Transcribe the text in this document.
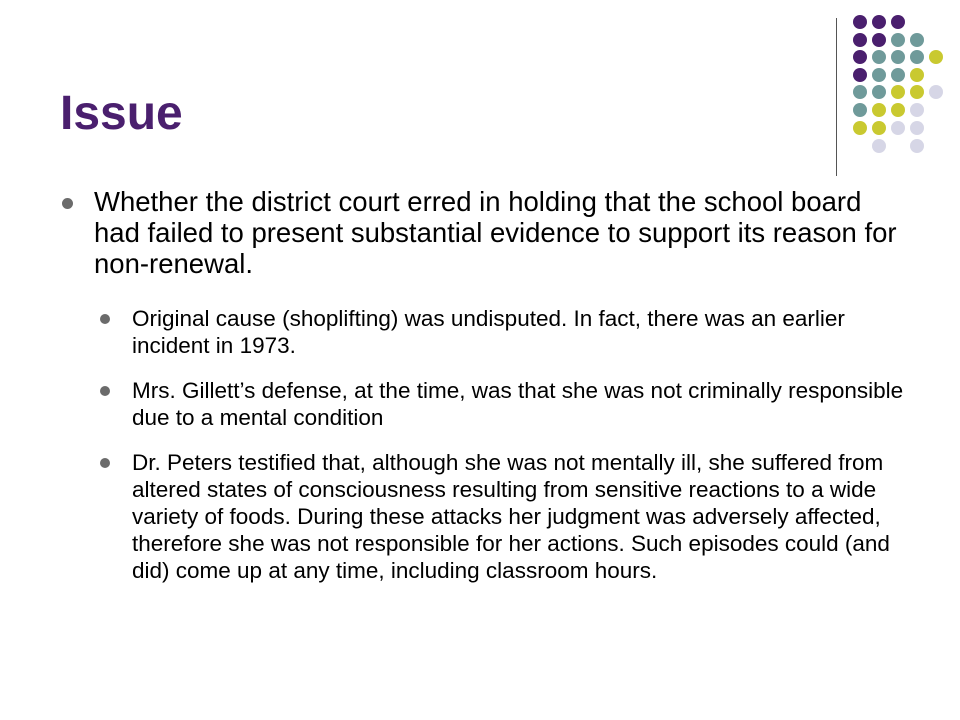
Issue
Whether the district court erred in holding that the school board had failed to present substantial evidence to support its reason for non-renewal.
Original cause (shoplifting) was undisputed. In fact, there was an earlier incident in 1973.
Mrs. Gillett’s defense, at the time, was that she was not criminally responsible due to a mental condition
Dr. Peters testified that, although she was not mentally ill, she suffered from altered states of consciousness resulting from sensitive reactions to a wide variety of foods. During these attacks her judgment was adversely affected, therefore she was not responsible for her actions. Such episodes could (and did) come up at any time, including classroom hours.
